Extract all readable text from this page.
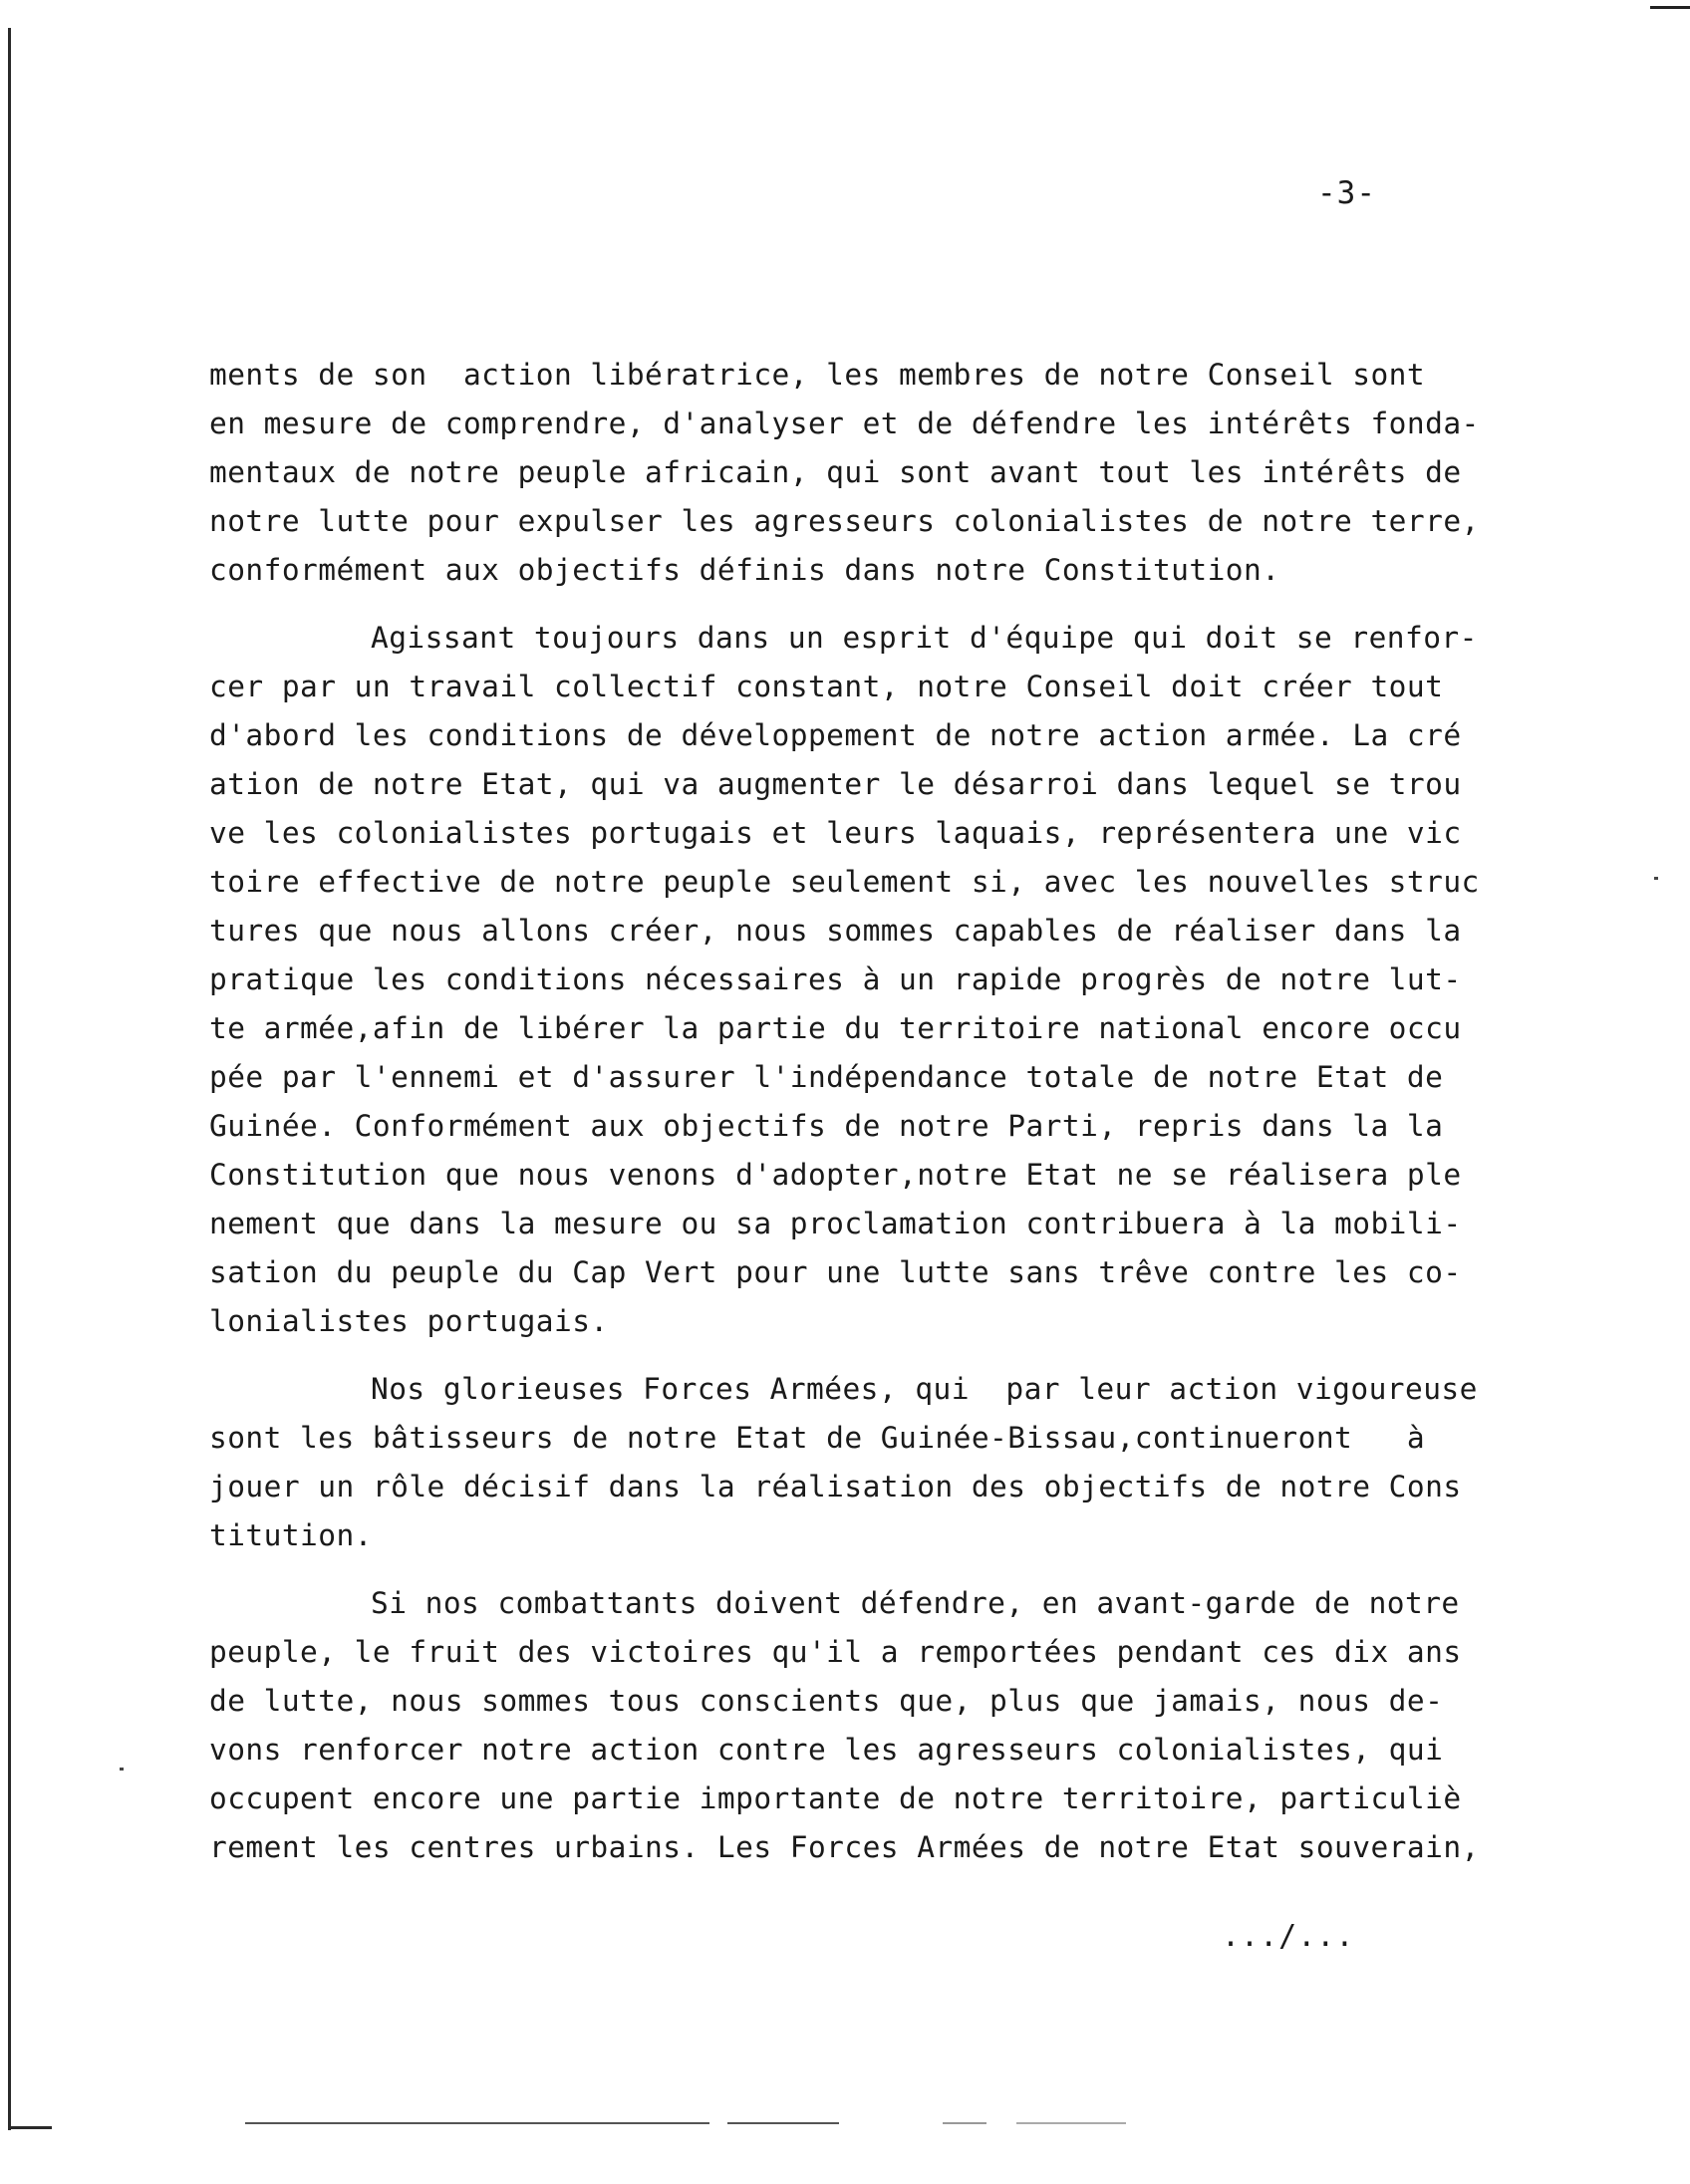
-3-
ments de son  action libératrice, les membres de notre Conseil sont
en mesure de comprendre, d'analyser et de défendre les intérêts fonda-
mentaux de notre peuple africain, qui sont avant tout les intérêts de
notre lutte pour expulser les agresseurs colonialistes de notre terre,
conformément aux objectifs définis dans notre Constitution.
Agissant toujours dans un esprit d'équipe qui doit se renfor-
cer par un travail collectif constant, notre Conseil doit créer tout
d'abord les conditions de développement de notre action armée. La cré
ation de notre Etat, qui va augmenter le désarroi dans lequel se trou
ve les colonialistes portugais et leurs laquais, représentera une vic
toire effective de notre peuple seulement si, avec les nouvelles struc
tures que nous allons créer, nous sommes capables de réaliser dans la
pratique les conditions nécessaires à un rapide progrès de notre lut-
te armée,afin de libérer la partie du territoire national encore occu
pée par l'ennemi et d'assurer l'indépendance totale de notre Etat de
Guinée. Conformément aux objectifs de notre Parti, repris dans la la
Constitution que nous venons d'adopter,notre Etat ne se réalisera ple
nement que dans la mesure ou sa proclamation contribuera à la mobili-
sation du peuple du Cap Vert pour une lutte sans trêve contre les co-
lonialistes portugais.
Nos glorieuses Forces Armées, qui  par leur action vigoureuse
sont les bâtisseurs de notre Etat de Guinée-Bissau,continueront   à
jouer un rôle décisif dans la réalisation des objectifs de notre Cons
titution.
Si nos combattants doivent défendre, en avant-garde de notre
peuple, le fruit des victoires qu'il a remportées pendant ces dix ans
de lutte, nous sommes tous conscients que, plus que jamais, nous de-
vons renforcer notre action contre les agresseurs colonialistes, qui
occupent encore une partie importante de notre territoire, particuliè
rement les centres urbains. Les Forces Armées de notre Etat souverain,
.../...
